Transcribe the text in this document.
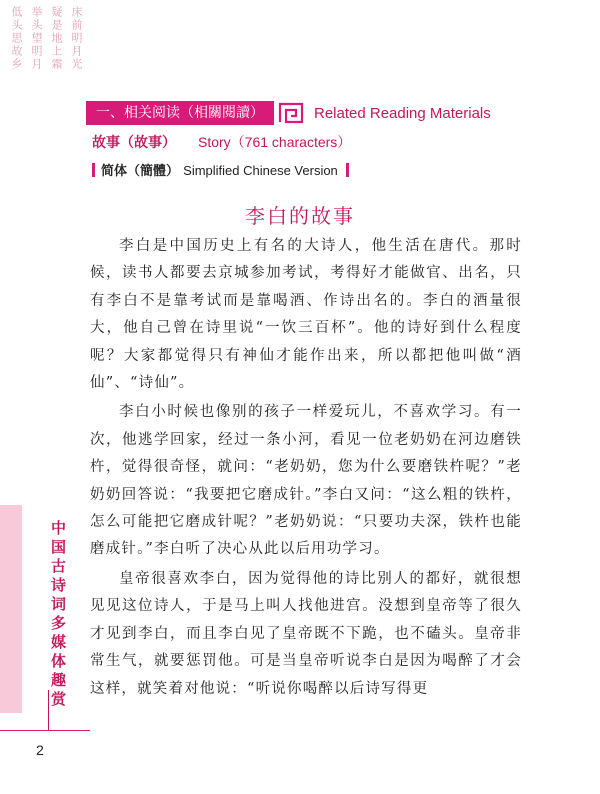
床前明月光
疑是地上霜
举头望明月
低头思故乡
一、相关阅读（相關閱讀）	Related Reading Materials
故事（故事） Story（761 characters）
简体（簡體） Simplified Chinese Version
李白的故事

李白是中国历史上有名的大诗人，他生活在唐代。那时候，读书人都要去京城参加考试，考得好才能做官、出名，只有李白不是靠考试而是靠喝酒、作诗出名的。李白的酒量很大，他自己曾在诗里说“一饮三百杯”。他的诗好到什么程度呢？大家都觉得只有神仙才能作出来，所以都把他叫做“酒仙”、“诗仙”。

李白小时候也像别的孩子一样爱玩儿，不喜欢学习。有一次，他逃学回家，经过一条小河，看见一位老奶奶在河边磨铁杵，觉得很奇怪，就问：“老奶奶，您为什么要磨铁杵呢？”老奶奶回答说：“我要把它磨成针。”李白又问：“这么粗的铁杵，怎么可能把它磨成针呢？”老奶奶说：“只要功夫深，铁杵也能磨成针。”李白听了决心从此以后用功学习。

皇帝很喜欢李白，因为觉得他的诗比别人的都好，就很想见见这位诗人，于是马上叫人找他进宫。没想到皇帝等了很久才见到李白，而且李白见了皇帝既不下跪，也不磕头。皇帝非常生气，就要惩罚他。可是当皇帝听说李白是因为喝醉了才会这样，就笑着对他说：“听说你喝醉以后诗写得更

中国古诗词多媒体趣赏
2
